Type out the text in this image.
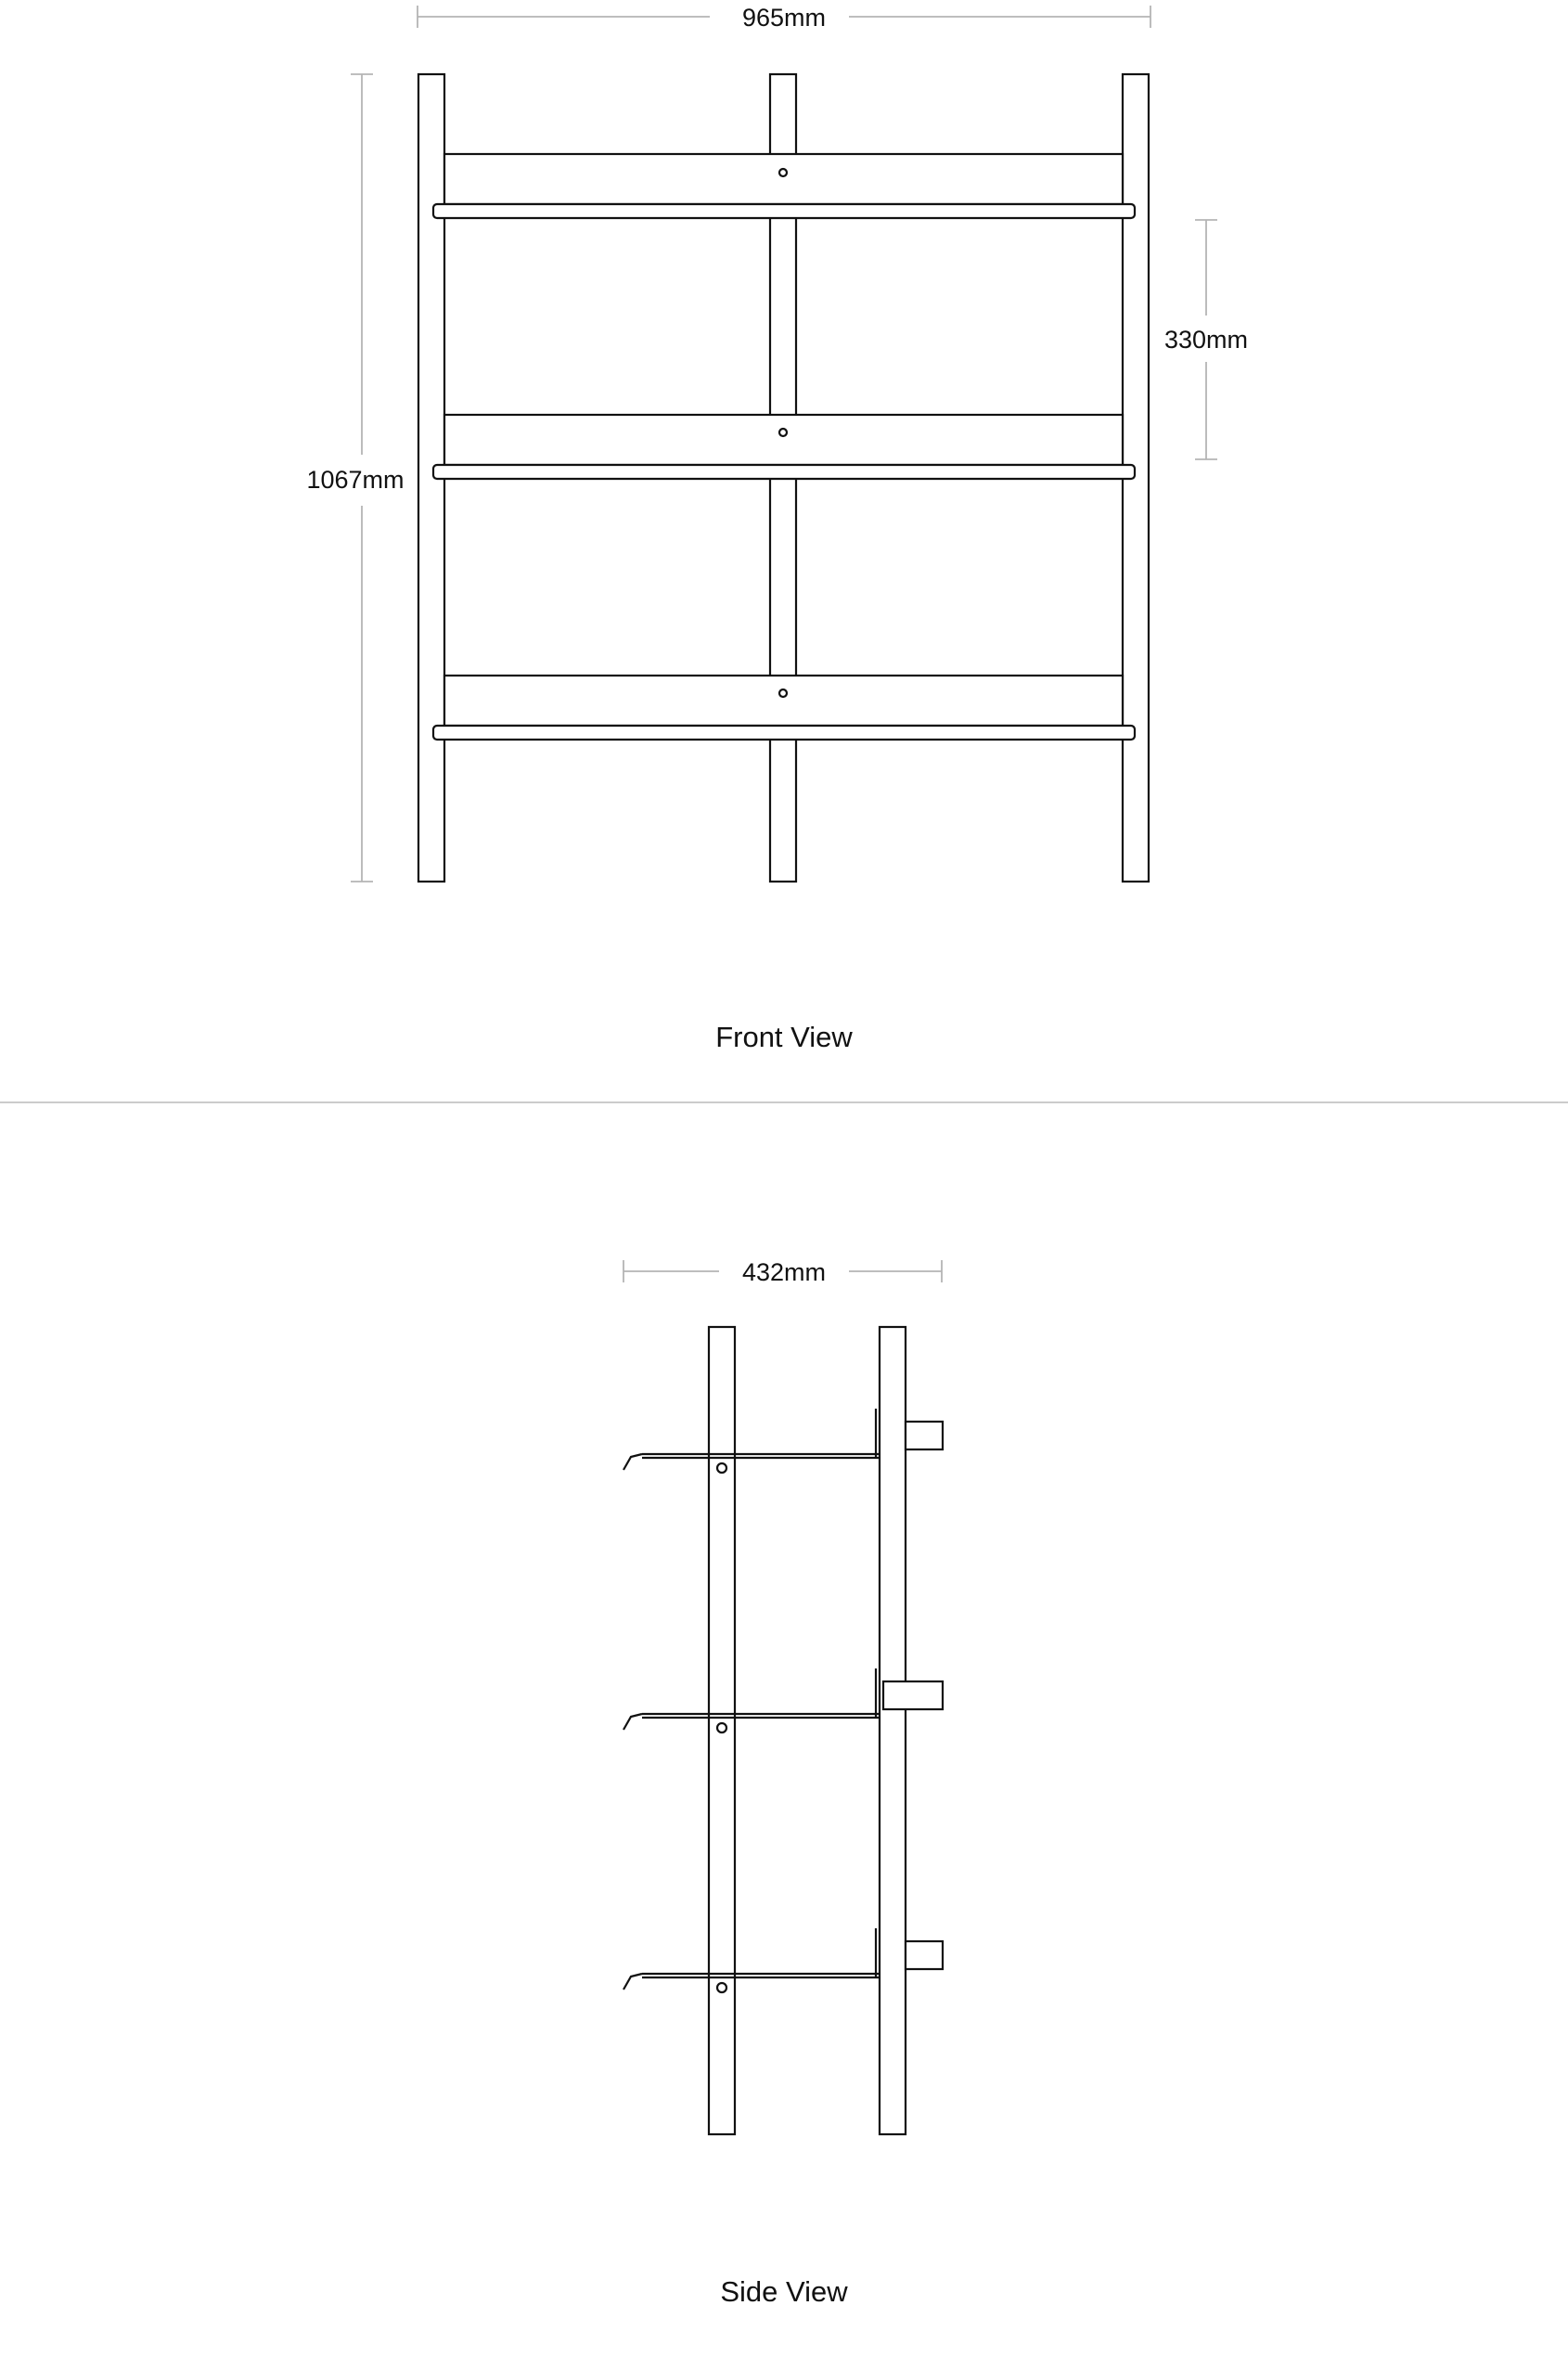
965mm
1067mm
330mm
Front View
432mm
Side View
